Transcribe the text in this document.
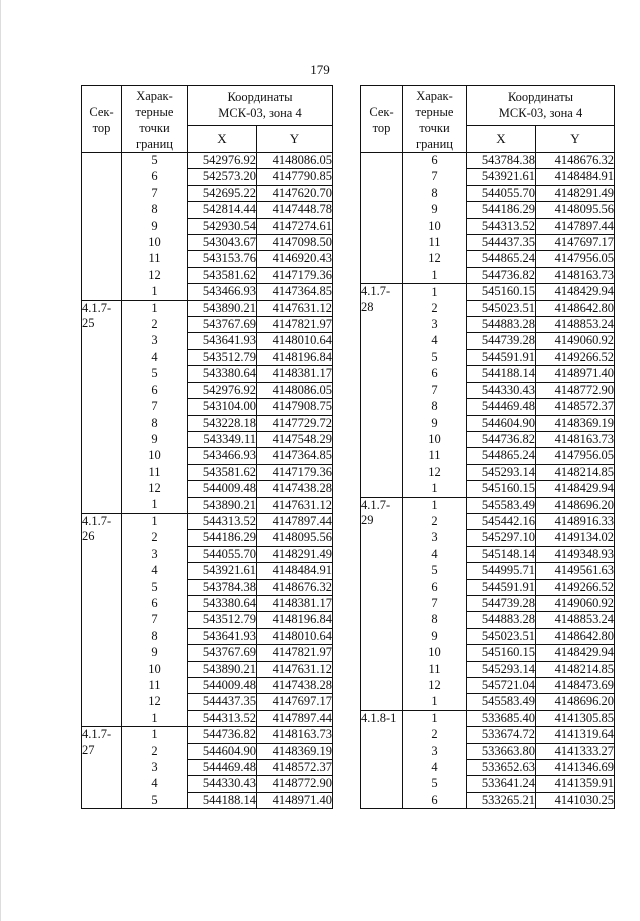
179
Сек-
тор	Харак-
терные
точки
границ	Координаты
МСК-03, зона 4	
		X	Y
	5	542976.92	4148086.05
	6	542573.20	4147790.85
	7	542695.22	4147620.70
	8	542814.44	4147448.78
	9	542930.54	4147274.61
	10	543043.67	4147098.50
	11	543153.76	4146920.43
	12	543581.62	4147179.36
	1	543466.93	4147364.85
4.1.7-
25	1	543890.21	4147631.12
	2	543767.69	4147821.97
	3	543641.93	4148010.64
	4	543512.79	4148196.84
	5	543380.64	4148381.17
	6	542976.92	4148086.05
	7	543104.00	4147908.75
	8	543228.18	4147729.72
	9	543349.11	4147548.29
	10	543466.93	4147364.85
	11	543581.62	4147179.36
	12	544009.48	4147438.28
	1	543890.21	4147631.12
4.1.7-
26	1	544313.52	4147897.44
	2	544186.29	4148095.56
	3	544055.70	4148291.49
	4	543921.61	4148484.91
	5	543784.38	4148676.32
	6	543380.64	4148381.17
	7	543512.79	4148196.84
	8	543641.93	4148010.64
	9	543767.69	4147821.97
	10	543890.21	4147631.12
	11	544009.48	4147438.28
	12	544437.35	4147697.17
	1	544313.52	4147897.44
4.1.7-
27	1	544736.82	4148163.73
	2	544604.90	4148369.19
	3	544469.48	4148572.37
	4	544330.43	4148772.90
	5	544188.14	4148971.40
Сек-
тор	Харак-
терные
точки
границ	Координаты
МСК-03, зона 4	
		X	Y
	6	543784.38	4148676.32
	7	543921.61	4148484.91
	8	544055.70	4148291.49
	9	544186.29	4148095.56
	10	544313.52	4147897.44
	11	544437.35	4147697.17
	12	544865.24	4147956.05
	1	544736.82	4148163.73
4.1.7-
28	1	545160.15	4148429.94
	2	545023.51	4148642.80
	3	544883.28	4148853.24
	4	544739.28	4149060.92
	5	544591.91	4149266.52
	6	544188.14	4148971.40
	7	544330.43	4148772.90
	8	544469.48	4148572.37
	9	544604.90	4148369.19
	10	544736.82	4148163.73
	11	544865.24	4147956.05
	12	545293.14	4148214.85
	1	545160.15	4148429.94
4.1.7-
29	1	545583.49	4148696.20
	2	545442.16	4148916.33
	3	545297.10	4149134.02
	4	545148.14	4149348.93
	5	544995.71	4149561.63
	6	544591.91	4149266.52
	7	544739.28	4149060.92
	8	544883.28	4148853.24
	9	545023.51	4148642.80
	10	545160.15	4148429.94
	11	545293.14	4148214.85
	12	545721.04	4148473.69
	1	545583.49	4148696.20
4.1.8-1	1	533685.40	4141305.85
	2	533674.72	4141319.64
	3	533663.80	4141333.27
	4	533652.63	4141346.69
	5	533641.24	4141359.91
	6	533265.21	4141030.25
